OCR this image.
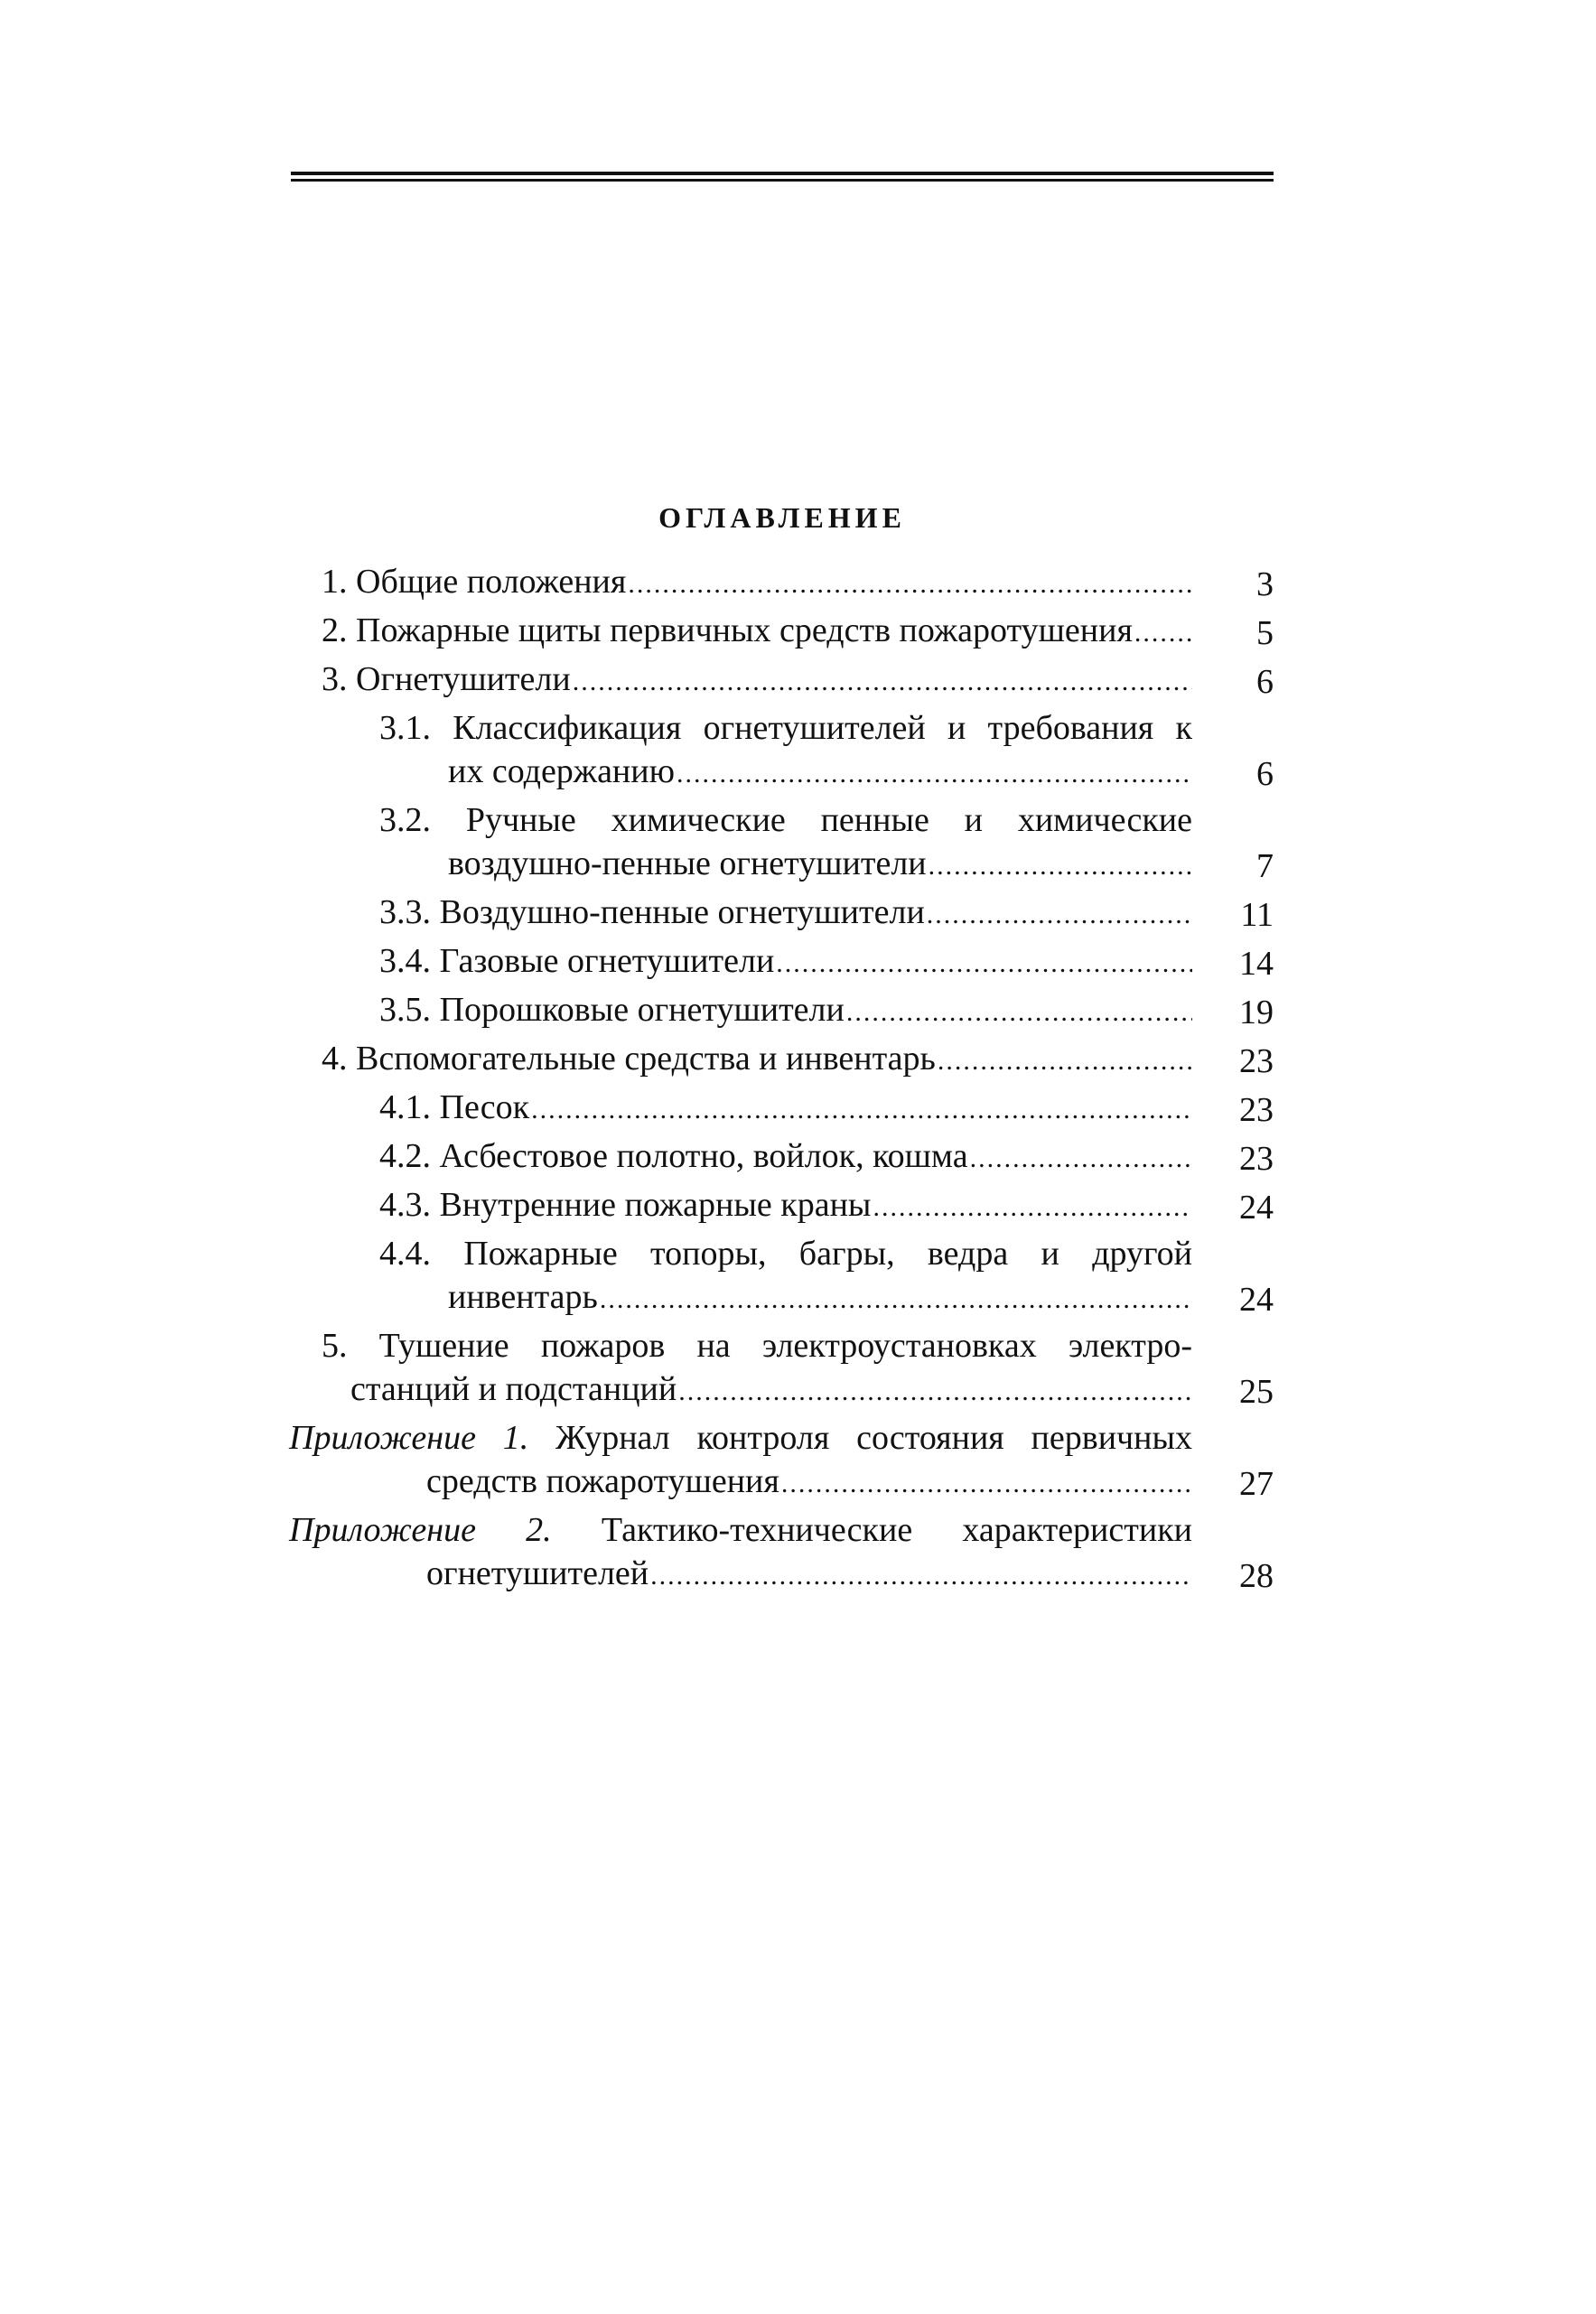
ОГЛАВЛЕНИЕ
1. Общие положения .....	3
2. Пожарные щиты первичных средств пожаротушения .....	5
3. Огнетушители .....	6
3.1. Классификация огнетушителей и требования к
их содержанию .....	6
3.2. Ручные химические пенные и химические
воздушно-пенные огнетушители .....	7
3.3. Воздушно-пенные огнетушители .....	11
3.4. Газовые огнетушители .....	14
3.5. Порошковые огнетушители .....	19
4. Вспомогательные средства и инвентарь .....	23
4.1. Песок .....	23
4.2. Асбестовое полотно, войлок, кошма .....	23
4.3. Внутренние пожарные краны .....	24
4.4. Пожарные топоры, багры, ведра и другой
инвентарь .....	24
5. Тушение пожаров на электроустановках электро-
станций и подстанций .....	25
Приложение 1. Журнал контроля состояния первичных
средств пожаротушения .....	27
Приложение 2. Тактико-технические характеристики
огнетушителей .....	28
